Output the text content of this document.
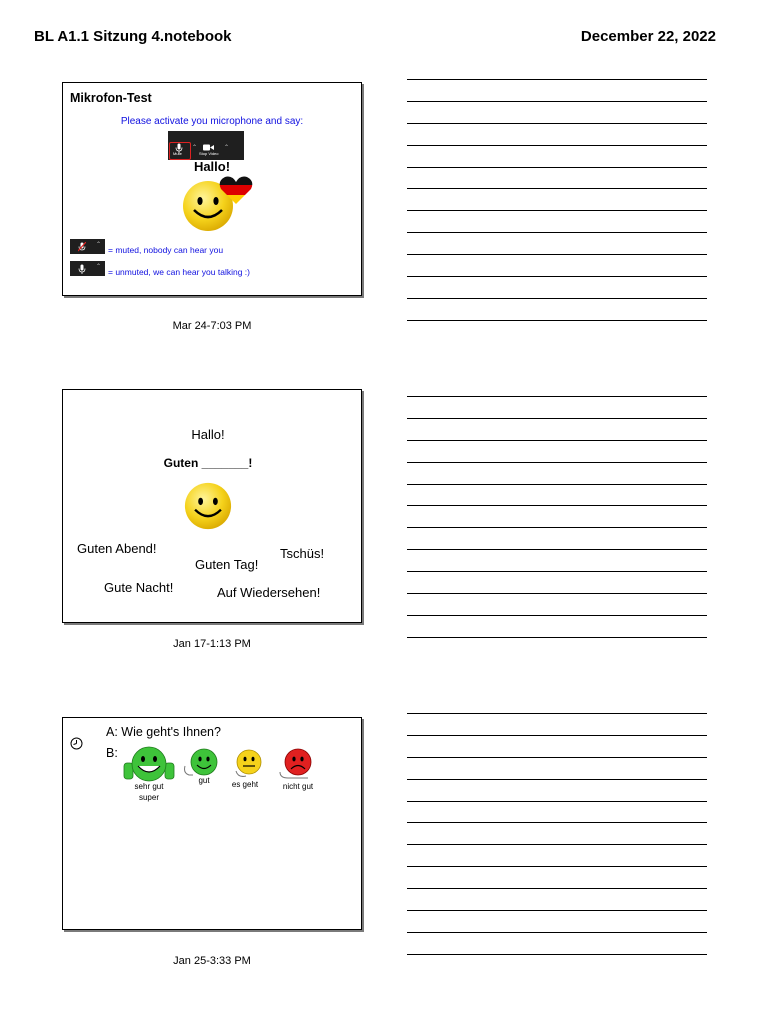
BL A1.1 Sitzung 4.notebook	December 22, 2022
Mikrofon-Test
Please activate you microphone and say:
Mute
⌃
Stop Video
⌃
Hallo!
⌃ = muted, nobody can hear you
⌃ = unmuted, we can hear you talking :)
Mar 24-7:03 PM
Hallo!
Guten _______!
Guten Abend!
Guten Tag!
Tschüs!
Gute Nacht!	Auf Wiedersehen!
Jan 17-1:13 PM
A: Wie geht's Ihnen?
B:
sehr gut
super
gut	es geht	nicht gut
Jan 25-3:33 PM
